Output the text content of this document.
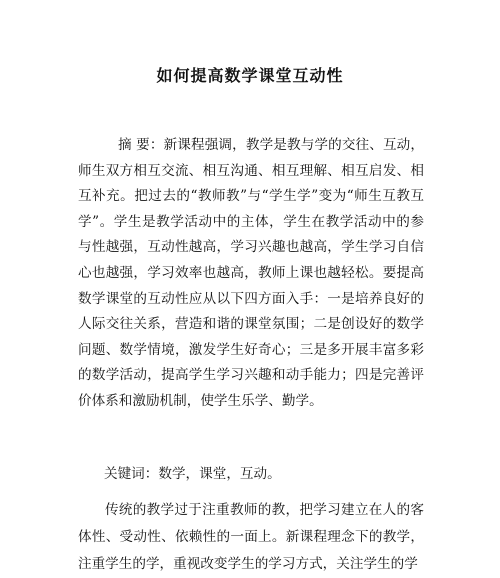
如何提高数学课堂互动性

摘 要：新课程强调，教学是教与学的交往、互动，师生双方相互交流、相互沟通、相互理解、相互启发、相互补充。把过去的“教师教”与“学生学”变为“师生互教互学”。学生是教学活动中的主体，学生在教学活动中的参与性越强，互动性越高，学习兴趣也越高，学生学习自信心也越强，学习效率也越高，教师上课也越轻松。要提高数学课堂的互动性应从以下四方面入手：一是培养良好的人际交往关系，营造和谐的课堂氛围；二是创设好的数学问题、数学情境，激发学生好奇心；三是多开展丰富多彩的数学活动，提高学生学习兴趣和动手能力；四是完善评价体系和激励机制，使学生乐学、勤学。

关键词：数学，课堂，互动。

传统的教学过于注重教师的教，把学习建立在人的客体性、受动性、依赖性的一面上。新课程理念下的教学，注重学生的学，重视改变学生的学习方式，关注学生的学
